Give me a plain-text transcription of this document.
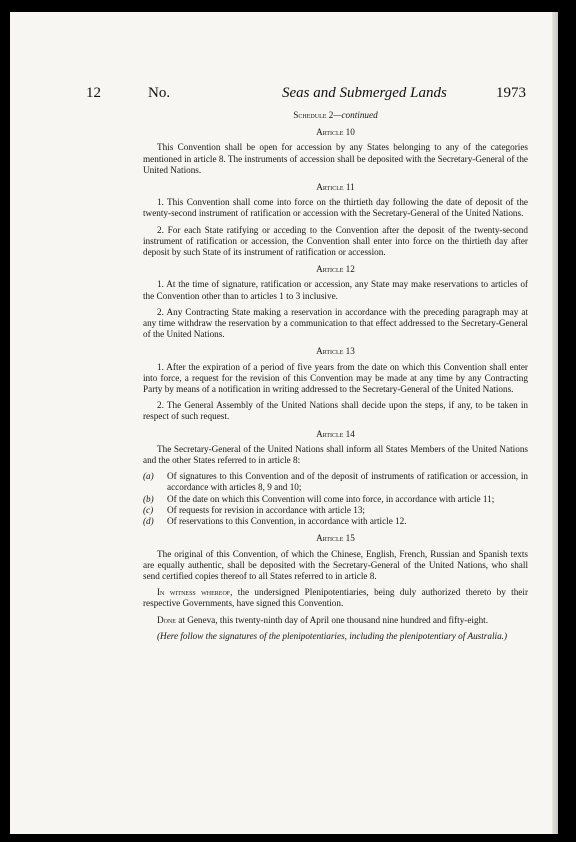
12	No.	Seas and Submerged Lands	1973
Schedule 2—continued
Article 10

This Convention shall be open for accession by any States belonging to any of the categories mentioned in article 8. The instruments of accession shall be deposited with the Secretary-General of the United Nations.

Article 11

1. This Convention shall come into force on the thirtieth day following the date of deposit of the twenty-second instrument of ratification or accession with the Secretary-General of the United Nations.

2. For each State ratifying or acceding to the Convention after the deposit of the twenty-second instrument of ratification or accession, the Convention shall enter into force on the thirtieth day after deposit by such State of its instrument of ratification or accession.

Article 12

1. At the time of signature, ratification or accession, any State may make reservations to articles of the Convention other than to articles 1 to 3 inclusive.

2. Any Contracting State making a reservation in accordance with the preceding paragraph may at any time withdraw the reservation by a communication to that effect addressed to the Secretary-General of the United Nations.

Article 13

1. After the expiration of a period of five years from the date on which this Convention shall enter into force, a request for the revision of this Convention may be made at any time by any Contracting Party by means of a notification in writing addressed to the Secretary-General of the United Nations.

2. The General Assembly of the United Nations shall decide upon the steps, if any, to be taken in respect of such request.

Article 14

The Secretary-General of the United Nations shall inform all States Members of the United Nations and the other States referred to in article 8:

(a) Of signatures to this Convention and of the deposit of instruments of ratification or accession, in accordance with articles 8, 9 and 10;
(b) Of the date on which this Convention will come into force, in accordance with article 11;
(c) Of requests for revision in accordance with article 13;
(d) Of reservations to this Convention, in accordance with article 12.
Article 15

The original of this Convention, of which the Chinese, English, French, Russian and Spanish texts are equally authentic, shall be deposited with the Secretary-General of the United Nations, who shall send certified copies thereof to all States referred to in article 8.

In witness whereof, the undersigned Plenipotentiaries, being duly authorized thereto by their respective Governments, have signed this Convention.

Done at Geneva, this twenty-ninth day of April one thousand nine hundred and fifty-eight.

(Here follow the signatures of the plenipotentiaries, including the plenipotentiary of Australia.)
